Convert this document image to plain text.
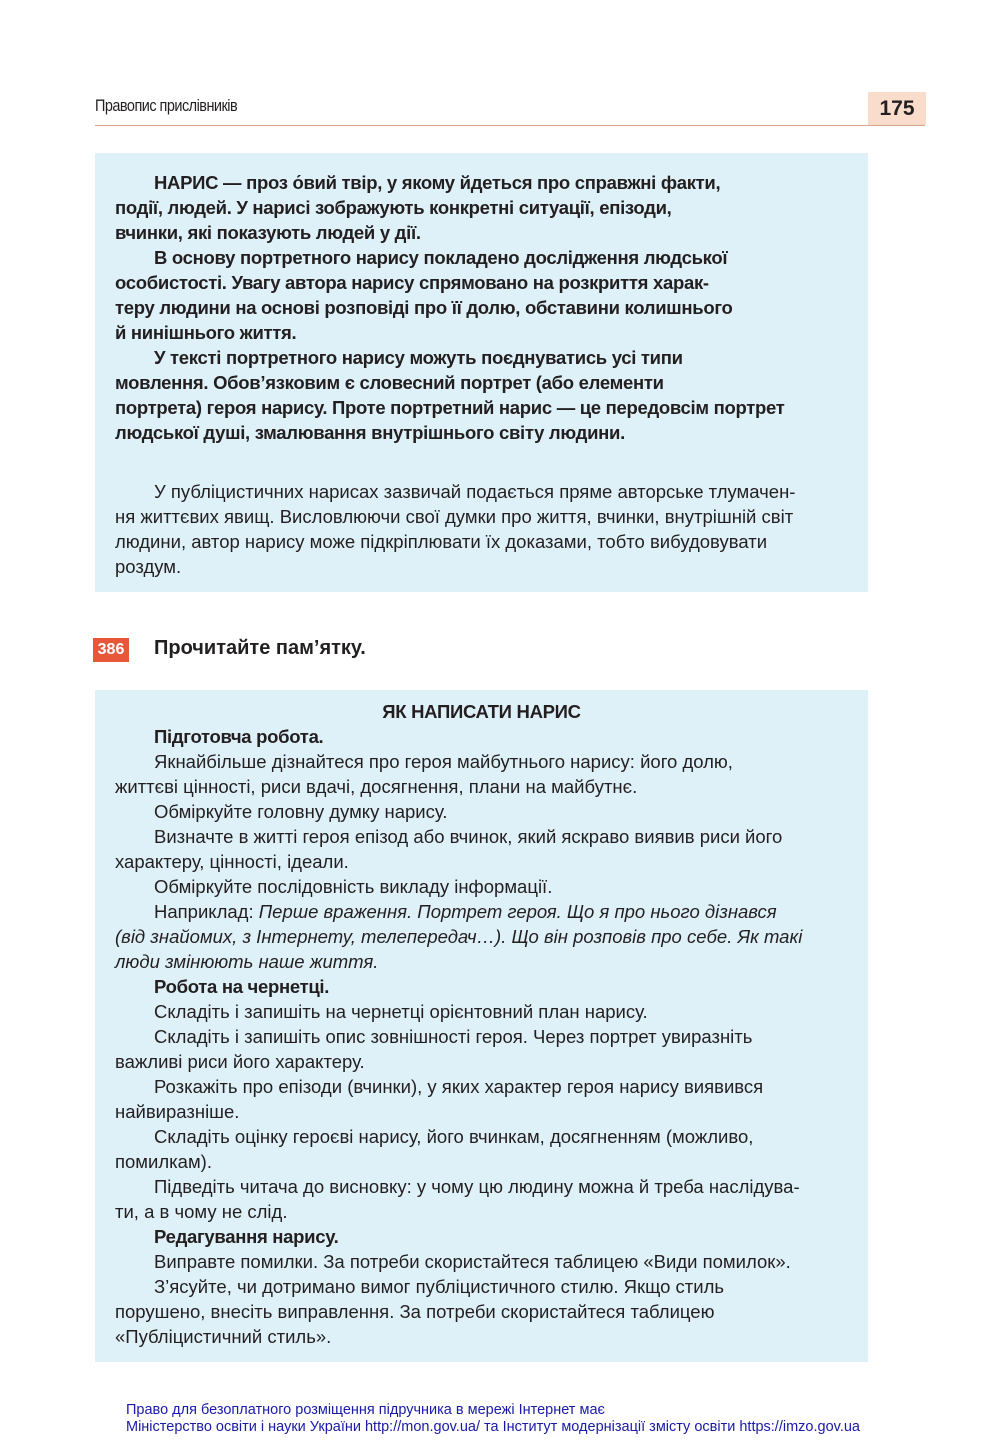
Правопис прислівників	175
НАРИС — проз о́вий твір, у якому йдеться про справжні факти,
події, людей. У нарисі зображують конкретні ситуації, епізоди,
вчинки, які показують людей у дії.
В основу портретного нарису покладено дослідження людської
особистості. Увагу автора нарису спрямовано на розкриття харак-
теру людини на основі розповіді про її долю, обставини колишнього
й нинішнього життя.
У тексті портретного нарису можуть поєднуватись усі типи
мовлення. Обов’язковим є словесний портрет (або елементи
портрета) героя нарису. Проте портретний нарис — це передовсім портрет
людської душі, змалювання внутрішнього світу людини.
У публіцистичних нарисах зазвичай подається пряме авторське тлумачен-
ня життєвих явищ. Висловлюючи свої думки про життя, вчинки, внутрішній світ
людини, автор нарису може підкріплювати їх доказами, тобто вибудовувати
роздум.
386 Прочитайте пам’ятку.
ЯК НАПИСАТИ НАРИС
Підготовча робота.
Якнайбільше дізнайтеся про героя майбутнього нарису: його долю,
життєві цінності, риси вдачі, досягнення, плани на майбутнє.
Обміркуйте головну думку нарису.
Визначте в житті героя епізод або вчинок, який яскраво виявив риси його
характеру, цінності, ідеали.
Обміркуйте послідовність викладу інформації.
Наприклад: Перше враження. Портрет героя. Що я про нього дізнався
(від знайомих, з Інтернету, телепередач…). Що він розповів про себе. Як такі
люди змінюють наше життя.
Робота на чернетці.
Складіть і запишіть на чернетці орієнтовний план нарису.
Складіть і запишіть опис зовнішності героя. Через портрет увиразніть
важливі риси його характеру.
Розкажіть про епізоди (вчинки), у яких характер героя нарису виявився
найвиразніше.
Складіть оцінку героєві нарису, його вчинкам, досягненням (можливо,
помилкам).
Підведіть читача до висновку: у чому цю людину можна й треба наслідува-
ти, а в чому не слід.
Редагування нарису.
Виправте помилки. За потреби скористайтеся таблицею «Види помилок».
З’ясуйте, чи дотримано вимог публіцистичного стилю. Якщо стиль
порушено, внесіть виправлення. За потреби скористайтеся таблицею
«Публіцистичний стиль».
Право для безоплатного розміщення підручника в мережі Інтернет має
Міністерство освіти і науки України http://mon.gov.ua/ та Інститут модернізації змісту освіти https://imzo.gov.ua
